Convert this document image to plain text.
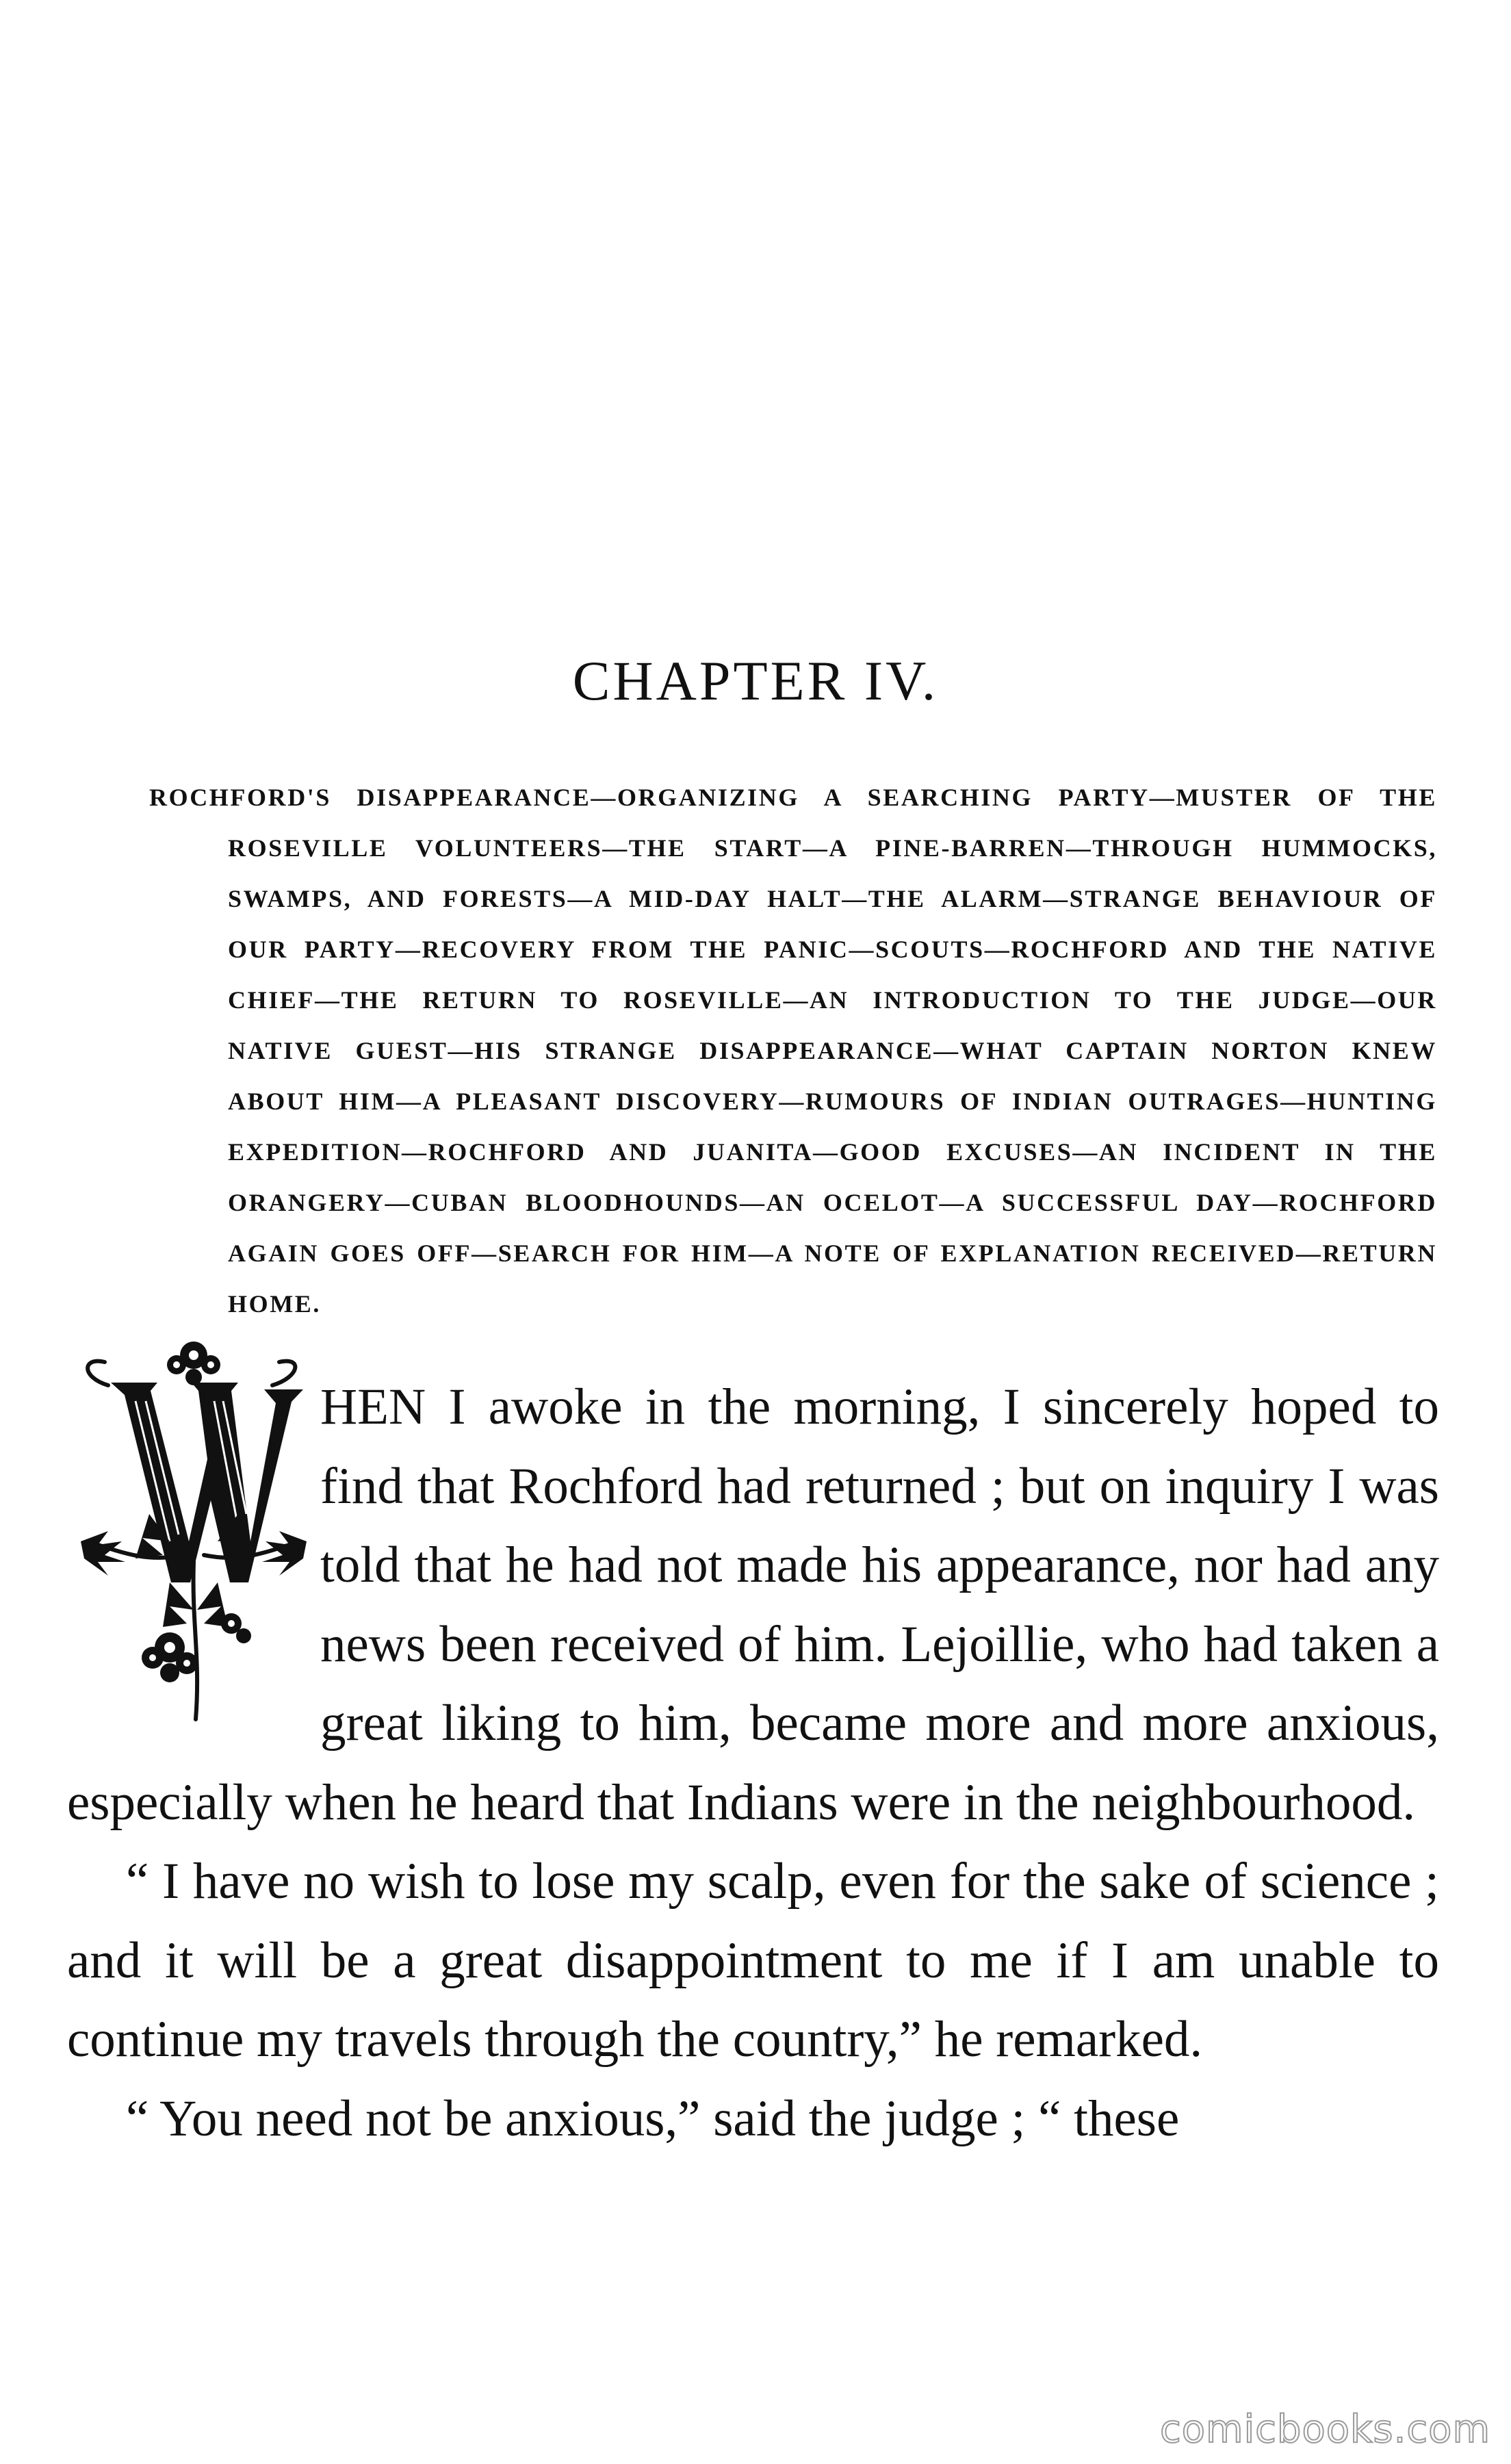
CHAPTER IV.
ROCHFORD'S DISAPPEARANCE—ORGANIZING A SEARCHING PARTY—MUSTER OF THE ROSEVILLE VOLUNTEERS—THE START—A PINE-BARREN—THROUGH HUMMOCKS, SWAMPS, AND FORESTS—A MID-DAY HALT—THE ALARM—STRANGE BEHAVIOUR OF OUR PARTY—RECOVERY FROM THE PANIC—SCOUTS—ROCHFORD AND THE NATIVE CHIEF—THE RETURN TO ROSEVILLE—AN INTRODUCTION TO THE JUDGE—OUR NATIVE GUEST—HIS STRANGE DISAPPEARANCE—WHAT CAPTAIN NORTON KNEW ABOUT HIM—A PLEASANT DISCOVERY—RUMOURS OF INDIAN OUTRAGES—HUNTING EXPEDITION—ROCHFORD AND JUANITA—GOOD EXCUSES—AN INCIDENT IN THE ORANGERY—CUBAN BLOODHOUNDS—AN OCELOT—A SUCCESSFUL DAY—ROCHFORD AGAIN GOES OFF—SEARCH FOR HIM—A NOTE OF EXPLANATION RECEIVED—RETURN HOME.

HEN I awoke in the morning, I sincerely hoped to find that Rochford had returned ; but on inquiry I was told that he had not made his appearance, nor had any news been received of him. Lejoillie, who had taken a great liking to him, became more and more anxious, especially when he heard that Indians were in the neighbourhood.

“ I have no wish to lose my scalp, even for the sake of science ; and it will be a great disappointment to me if I am unable to continue my travels through the country,” he remarked.

“ You need not be anxious,” said the judge ; “ these

comicbooks.com
